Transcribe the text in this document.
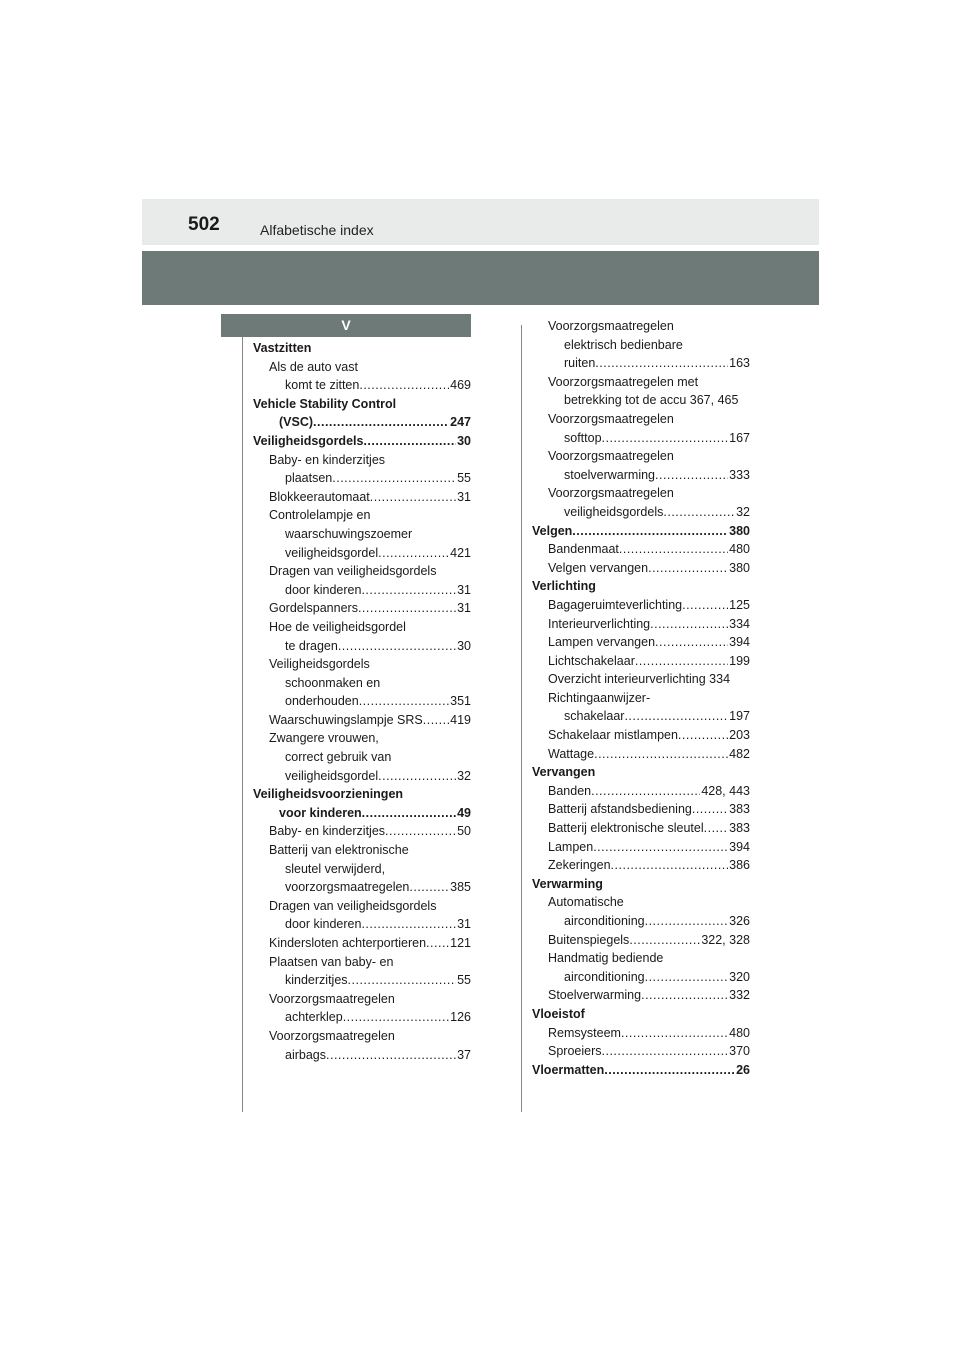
502	Alfabetische index
V
Vastzitten
Als de auto vast
komt te zitten .....	469
Vehicle Stability Control
(VSC) .....	247
Veiligheidsgordels .....	30
Baby- en kinderzitjes
plaatsen .....	55
Blokkeerautomaat .....	31
Controlelampje en
waarschuwingszoemer
veiligheidsgordel .....	421
Dragen van veiligheidsgordels
door kinderen .....	31
Gordelspanners .....	31
Hoe de veiligheidsgordel
te dragen .....	30
Veiligheidsgordels
schoonmaken en
onderhouden .....	351
Waarschuwingslampje SRS ..... 419
Zwangere vrouwen,
correct gebruik van
veiligheidsgordel .....	32
Veiligheidsvoorzieningen
voor kinderen .....	49
Baby- en kinderzitjes .....	50
Batterij van elektronische
sleutel verwijderd,
voorzorgsmaatregelen .....	385
Dragen van veiligheidsgordels
door kinderen .....	31
Kindersloten achterportieren ..... 121
Plaatsen van baby- en
kinderzitjes .....	55
Voorzorgsmaatregelen
achterklep .....	126
Voorzorgsmaatregelen
airbags .....	37
Voorzorgsmaatregelen
elektrisch bedienbare
ruiten .....	163
Voorzorgsmaatregelen met
betrekking tot de accu 367, 465
Voorzorgsmaatregelen
softtop .....	167
Voorzorgsmaatregelen
stoelverwarming .....	333
Voorzorgsmaatregelen
veiligheidsgordels .....	32
Velgen .....	380
Bandenmaat .....	480
Velgen vervangen .....	380
Verlichting
Bagageruimteverlichting .....	125
Interieurverlichting .....	334
Lampen vervangen .....	394
Lichtschakelaar .....	199
Overzicht interieurverlichting 334
Richtingaanwijzer-
schakelaar .....	197
Schakelaar mistlampen .....	203
Wattage .....	482
Vervangen
Banden .....	428, 443
Batterij afstandsbediening .....	383
Batterij elektronische sleutel ..... 383
Lampen .....	394
Zekeringen .....	386
Verwarming
Automatische
airconditioning .....	326
Buitenspiegels .....	322, 328
Handmatig bediende
airconditioning .....	320
Stoelverwarming .....	332
Vloeistof
Remsysteem .....	480
Sproeiers .....	370
Vloermatten .....	26
